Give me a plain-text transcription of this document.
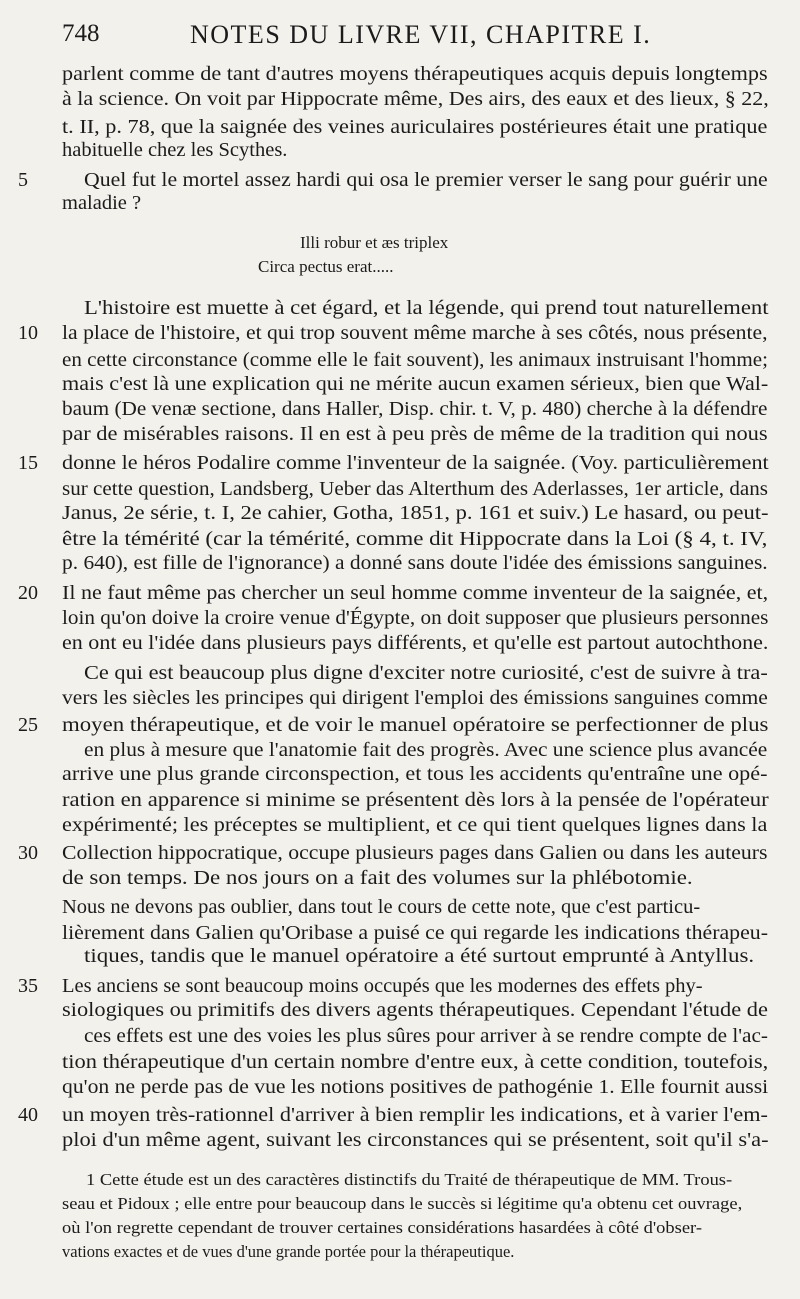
748	NOTES DU LIVRE VII, CHAPITRE I.
parlent comme de tant d'autres moyens thérapeutiques acquis depuis longtemps
à la science. On voit par Hippocrate même, Des airs, des eaux et des lieux, § 22,
t. II, p. 78, que la saignée des veines auriculaires postérieures était une pratique
habituelle chez les Scythes.
Quel fut le mortel assez hardi qui osa le premier verser le sang pour guérir une
5
maladie ?
L'histoire est muette à cet égard, et la légende, qui prend tout naturellement
la place de l'histoire, et qui trop souvent même marche à ses côtés, nous présente,
10
en cette circonstance (comme elle le fait souvent), les animaux instruisant l'homme;
mais c'est là une explication qui ne mérite aucun examen sérieux, bien que Wal-
baum (De venæ sectione, dans Haller, Disp. chir. t. V, p. 480) cherche à la défendre
par de misérables raisons. Il en est à peu près de même de la tradition qui nous
donne le héros Podalire comme l'inventeur de la saignée. (Voy. particulièrement
15
sur cette question, Landsberg, Ueber das Alterthum des Aderlasses, 1er article, dans
Janus, 2e série, t. I, 2e cahier, Gotha, 1851, p. 161 et suiv.) Le hasard, ou peut-
être la témérité (car la témérité, comme dit Hippocrate dans la Loi (§ 4, t. IV,
p. 640), est fille de l'ignorance) a donné sans doute l'idée des émissions sanguines.
Il ne faut même pas chercher un seul homme comme inventeur de la saignée, et,
20
loin qu'on doive la croire venue d'Égypte, on doit supposer que plusieurs personnes
en ont eu l'idée dans plusieurs pays différents, et qu'elle est partout autochthone.
Ce qui est beaucoup plus digne d'exciter notre curiosité, c'est de suivre à tra-
vers les siècles les principes qui dirigent l'emploi des émissions sanguines comme
moyen thérapeutique, et de voir le manuel opératoire se perfectionner de plus
25
en plus à mesure que l'anatomie fait des progrès. Avec une science plus avancée
arrive une plus grande circonspection, et tous les accidents qu'entraîne une opé-
ration en apparence si minime se présentent dès lors à la pensée de l'opérateur
expérimenté; les préceptes se multiplient, et ce qui tient quelques lignes dans la
Collection hippocratique, occupe plusieurs pages dans Galien ou dans les auteurs
30
de son temps. De nos jours on a fait des volumes sur la phlébotomie.
Nous ne devons pas oublier, dans tout le cours de cette note, que c'est particu-
lièrement dans Galien qu'Oribase a puisé ce qui regarde les indications thérapeu-
tiques, tandis que le manuel opératoire a été surtout emprunté à Antyllus.
Les anciens se sont beaucoup moins occupés que les modernes des effets phy-
35
siologiques ou primitifs des divers agents thérapeutiques. Cependant l'étude de
ces effets est une des voies les plus sûres pour arriver à se rendre compte de l'ac-
tion thérapeutique d'un certain nombre d'entre eux, à cette condition, toutefois,
qu'on ne perde pas de vue les notions positives de pathogénie 1. Elle fournit aussi
un moyen très-rationnel d'arriver à bien remplir les indications, et à varier l'em-
40
ploi d'un même agent, suivant les circonstances qui se présentent, soit qu'il s'a-
Illi robur et æs triplex
Circa pectus erat.....
1 Cette étude est un des caractères distinctifs du Traité de thérapeutique de MM. Trous-
seau et Pidoux ; elle entre pour beaucoup dans le succès si légitime qu'a obtenu cet ouvrage,
où l'on regrette cependant de trouver certaines considérations hasardées à côté d'obser-
vations exactes et de vues d'une grande portée pour la thérapeutique.
